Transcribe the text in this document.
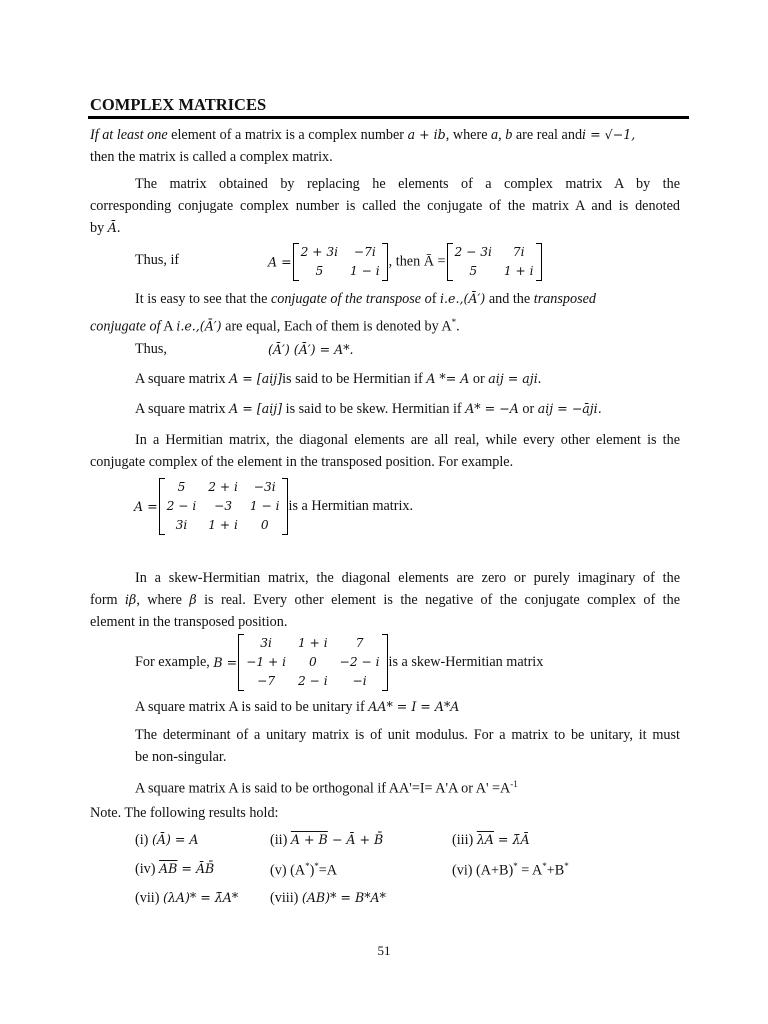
COMPLEX MATRICES
If at least one element of a matrix is a complex number a + ib, where a, b are real andi = √−1,
then the matrix is called a complex matrix.
The matrix obtained by replacing he elements of a complex matrix A by the
corresponding conjugate complex number is called the conjugate of the matrix A and is denoted
by Ā.
Thus, if	A =
2 + 3i	−7i
5	1 − i
, then Ā =
2 − 3i	7i
5	1 + i
It is easy to see that the conjugate of the transpose of i.e.,(Ā′) and the transposed
conjugate of A i.e.,(Ā′) are equal, Each of them is denoted by A*.
Thus,	(Ā′) (Ā′) = A*.
A square matrix A = [aij]is said to be Hermitian if A *= A or aij = aji.
A square matrix A = [aij] is said to be skew. Hermitian if A* = −A or aij = −āji.
In a Hermitian matrix, the diagonal elements are all real, while every other element is the
conjugate complex of the element in the transposed position. For example.
A =
5	2 + i	−3i
2 − i	−3	1 − i
3i	1 + i	0
is a Hermitian matrix.
In a skew-Hermitian matrix, the diagonal elements are zero or purely imaginary of the
form iβ, where β is real. Every other element is the negative of the conjugate complex of the
element in the transposed position.
For example, B =
3i	1 + i	7
−1 + i	0	−2 − i
−7	2 − i	−i
is a skew-Hermitian matrix
A square matrix A is said to be unitary if AA* = I = A*A
The determinant of a unitary matrix is of unit modulus. For a matrix to be unitary, it must
be non-singular.
A square matrix A is said to be orthogonal if AA'=I= A'A or $A' =A^{-1}$
Note. The following results hold:
(i) (Ā) = A	(ii) A + B − Ā + B̄	(iii) $\overline{\lambda A}$ = λ̄Ā
(iv) $\overline{AB}$ = ĀB̄	(v) (A*)*=A	(vi) (A+B)* = A*+B*
(vii) (λA)* = λ̄A* (viii) (AB)* = B*A*
51
